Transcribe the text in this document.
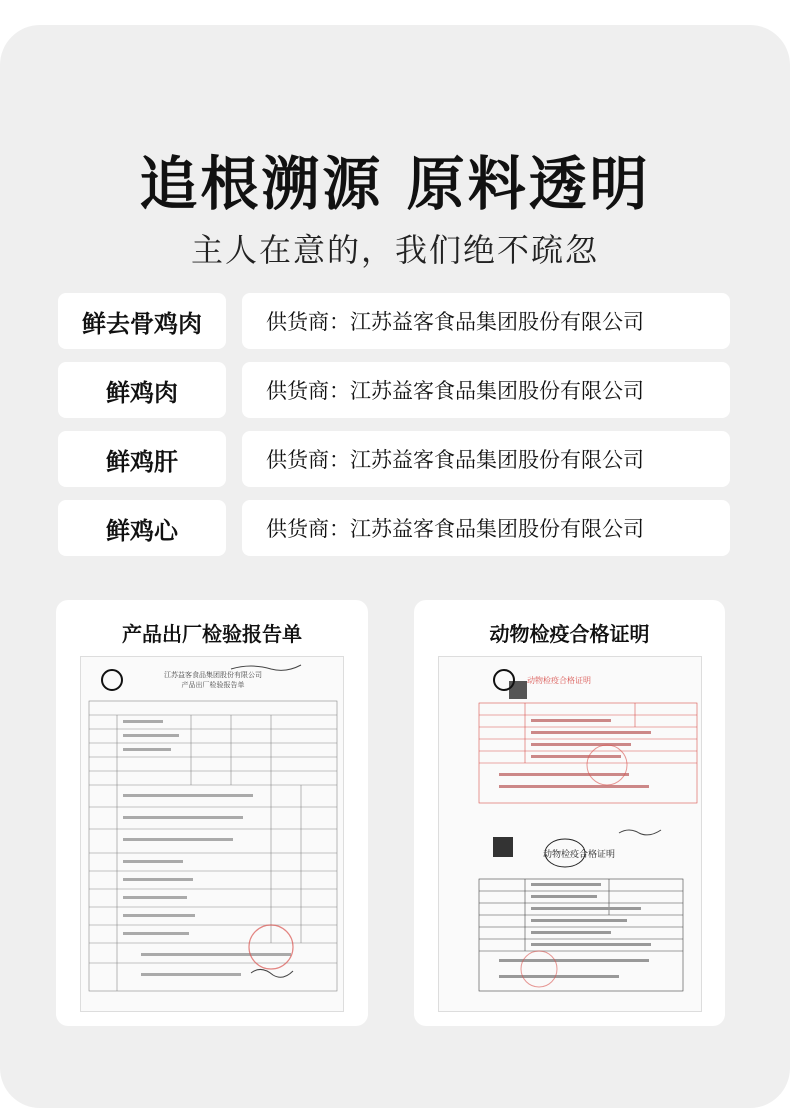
追根溯源 原料透明
主人在意的，我们绝不疏忽
鲜去骨鸡肉	供货商：江苏益客食品集团股份有限公司
鲜鸡肉	供货商：江苏益客食品集团股份有限公司
鲜鸡肝	供货商：江苏益客食品集团股份有限公司
鲜鸡心	供货商：江苏益客食品集团股份有限公司
产品出厂检验报告单
江苏益客食品集团股份有限公司
产品出厂检验报告单
动物检疫合格证明
动物检疫合格证明
动物检疫合格证明
